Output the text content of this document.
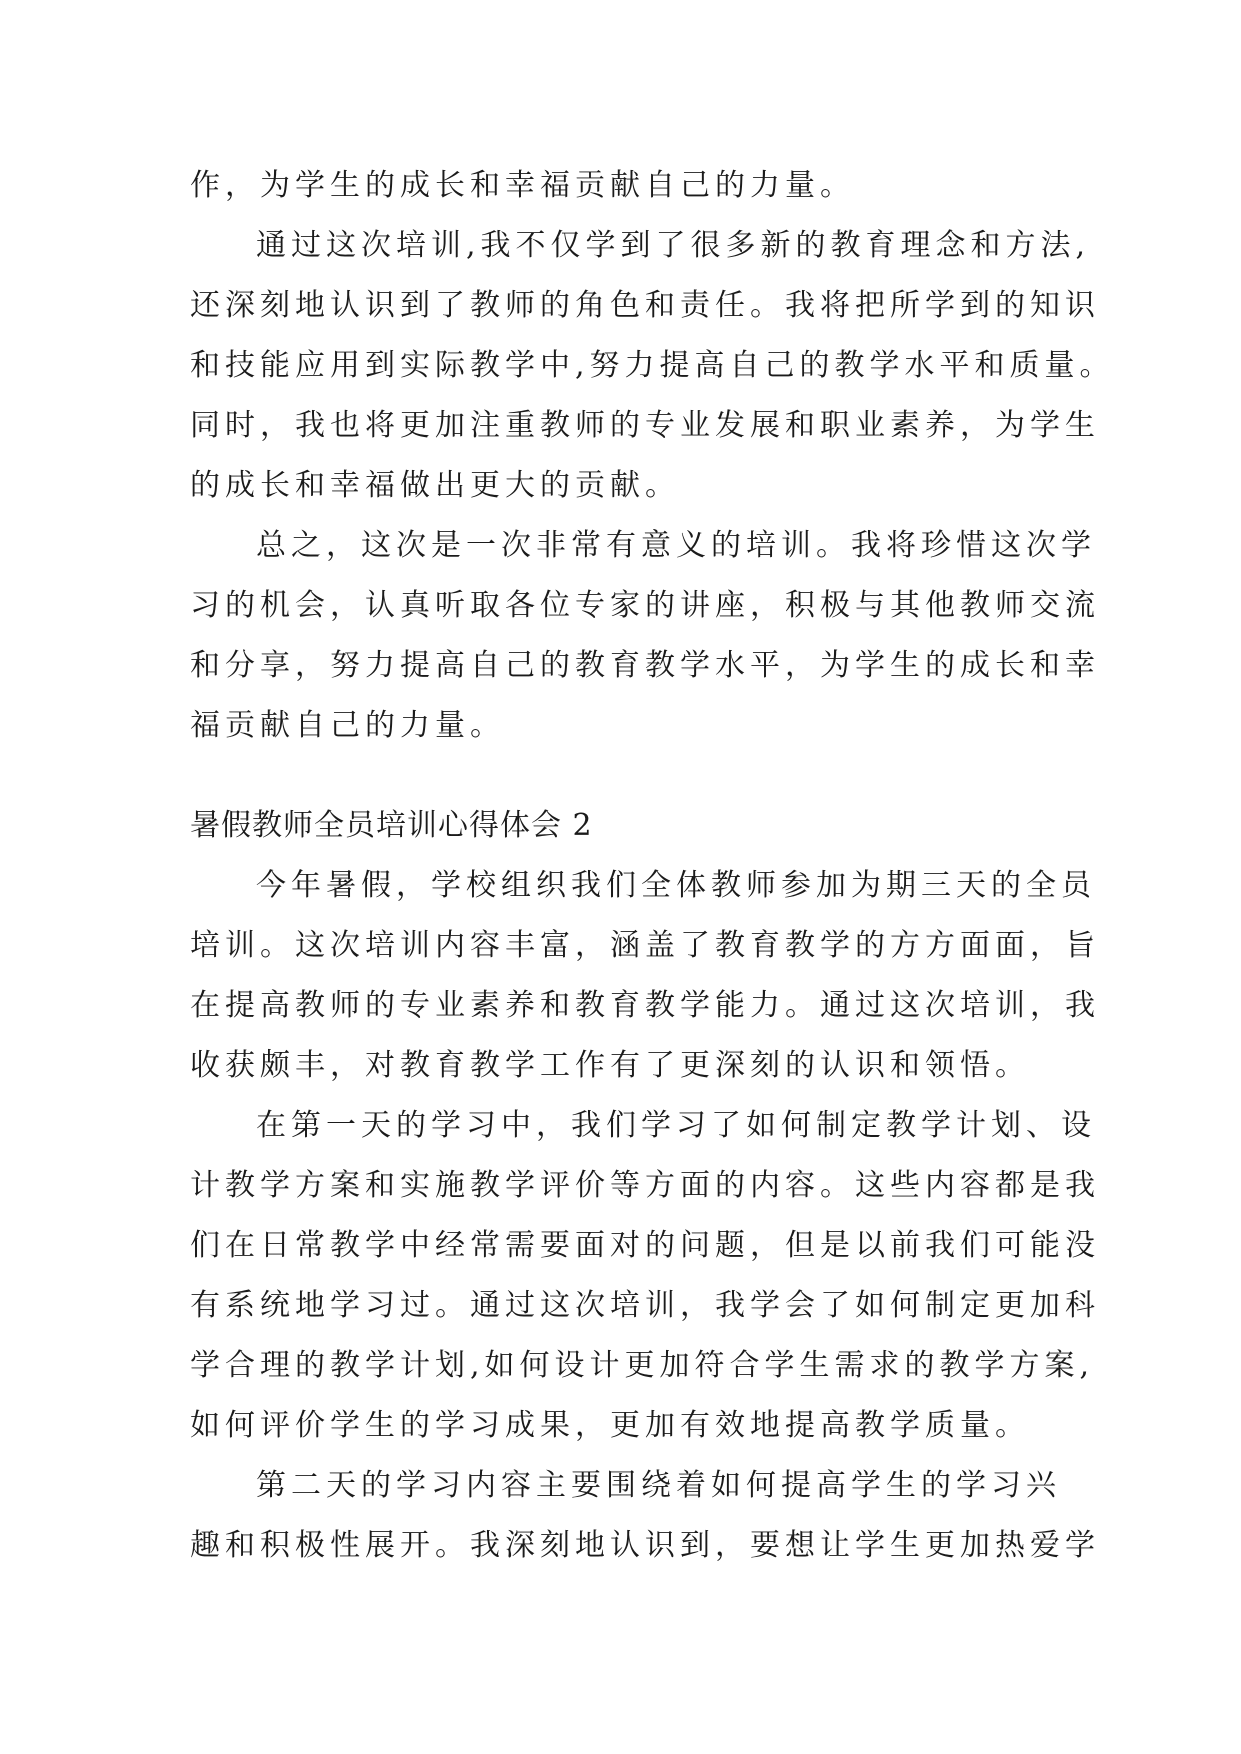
作，为学生的成长和幸福贡献自己的力量。
通过这次培训,我不仅学到了很多新的教育理念和方法,
还深刻地认识到了教师的角色和责任。我将把所学到的知识
和技能应用到实际教学中,努力提高自己的教学水平和质量。
同时，我也将更加注重教师的专业发展和职业素养，为学生
的成长和幸福做出更大的贡献。
总之，这次是一次非常有意义的培训。我将珍惜这次学
习的机会，认真听取各位专家的讲座，积极与其他教师交流
和分享，努力提高自己的教育教学水平，为学生的成长和幸
福贡献自己的力量。
暑假教师全员培训心得体会 2
今年暑假，学校组织我们全体教师参加为期三天的全员
培训。这次培训内容丰富，涵盖了教育教学的方方面面，旨
在提高教师的专业素养和教育教学能力。通过这次培训，我
收获颇丰，对教育教学工作有了更深刻的认识和领悟。
在第一天的学习中，我们学习了如何制定教学计划、设
计教学方案和实施教学评价等方面的内容。这些内容都是我
们在日常教学中经常需要面对的问题，但是以前我们可能没
有系统地学习过。通过这次培训，我学会了如何制定更加科
学合理的教学计划,如何设计更加符合学生需求的教学方案,
如何评价学生的学习成果，更加有效地提高教学质量。
第二天的学习内容主要围绕着如何提高学生的学习兴
趣和积极性展开。我深刻地认识到，要想让学生更加热爱学
